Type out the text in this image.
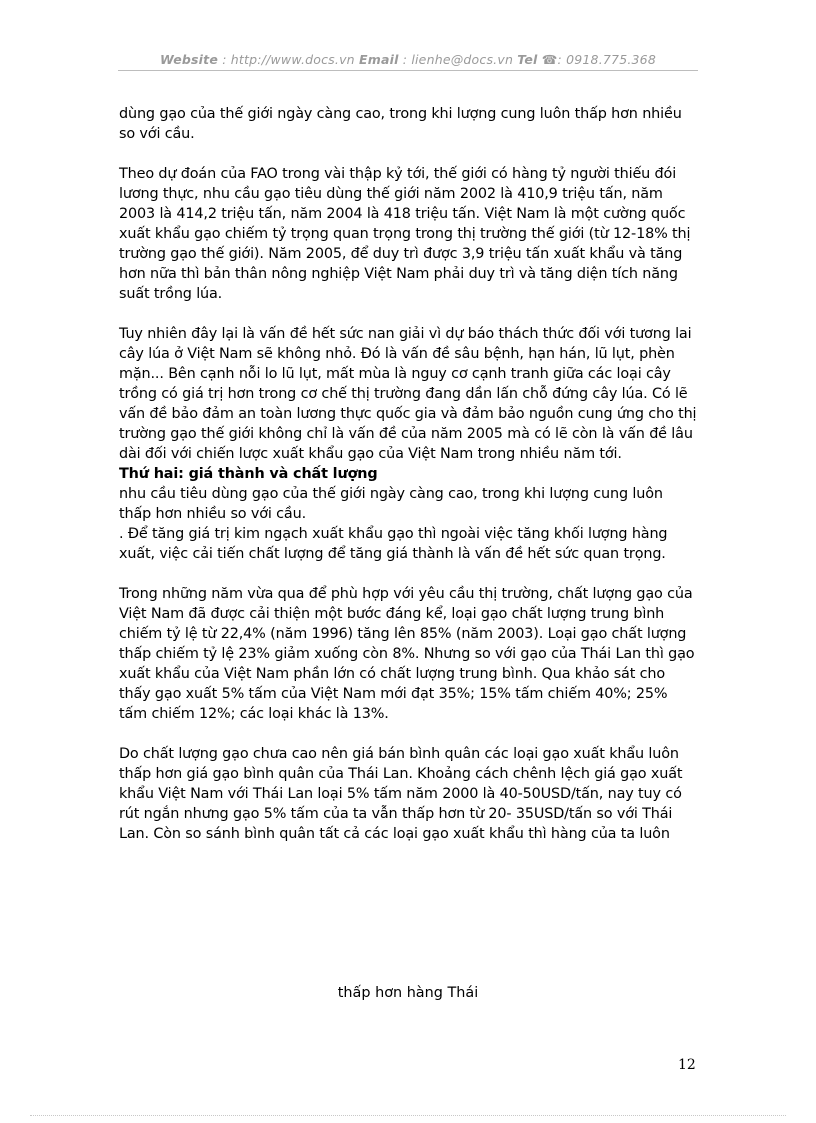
Website : http://www.docs.vn Email : lienhe@docs.vn Tel ☎: 0918.775.368

dùng gạo của thế giới ngày càng cao, trong khi lượng cung luôn thấp hơn nhiều so với cầu.

Theo dự đoán của FAO trong vài thập kỷ tới, thế giới có hàng tỷ người thiếu đói lương thực, nhu cầu gạo tiêu dùng thế giới năm 2002 là 410,9 triệu tấn, năm 2003 là 414,2 triệu tấn, năm 2004 là 418 triệu tấn. Việt Nam là một cường quốc xuất khẩu gạo chiếm tỷ trọng quan trọng trong thị trường thế giới (từ 12-18% thị trường gạo thế giới). Năm 2005, để duy trì được 3,9 triệu tấn xuất khẩu và tăng hơn nữa thì bản thân nông nghiệp Việt Nam phải duy trì và tăng diện tích năng suất trồng lúa.

Tuy nhiên đây lại là vấn đề hết sức nan giải vì dự báo thách thức đối với tương lai cây lúa ở Việt Nam sẽ không nhỏ. Đó là vấn đề sâu bệnh, hạn hán, lũ lụt, phèn mặn... Bên cạnh nỗi lo lũ lụt, mất mùa là nguy cơ cạnh tranh giữa các loại cây trồng có giá trị hơn trong cơ chế thị trường đang dần lấn chỗ đứng cây lúa. Có lẽ vấn đề bảo đảm an toàn lương thực quốc gia và đảm bảo nguồn cung ứng cho thị trường gạo thế giới không chỉ là vấn đề của năm 2005 mà có lẽ còn là vấn đề lâu dài đối với chiến lược xuất khẩu gạo của Việt Nam trong nhiều năm tới.

Thứ hai: giá thành và chất lượng

nhu cầu tiêu dùng gạo của thế giới ngày càng cao, trong khi lượng cung luôn thấp hơn nhiều so với cầu.

. Để tăng giá trị kim ngạch xuất khẩu gạo thì ngoài việc tăng khối lượng hàng xuất, việc cải tiến chất lượng để tăng giá thành là vấn đề hết sức quan trọng.

Trong những năm vừa qua để phù hợp với yêu cầu thị trường, chất lượng gạo của Việt Nam đã được cải thiện một bước đáng kể, loại gạo chất lượng trung bình chiếm tỷ lệ từ 22,4% (năm 1996) tăng lên 85% (năm 2003). Loại gạo chất lượng thấp chiếm tỷ lệ 23% giảm xuống còn 8%. Nhưng so với gạo của Thái Lan thì gạo xuất khẩu của Việt Nam phần lớn có chất lượng trung bình. Qua khảo sát cho thấy gạo xuất 5% tấm của Việt Nam mới đạt 35%; 15% tấm chiếm 40%; 25% tấm chiếm 12%; các loại khác là 13%.

Do chất lượng gạo chưa cao nên giá bán bình quân các loại gạo xuất khẩu luôn thấp hơn giá gạo bình quân của Thái Lan. Khoảng cách chênh lệch giá gạo xuất khẩu Việt Nam với Thái Lan loại 5% tấm năm 2000 là 40-50USD/tấn, nay tuy có rút ngắn nhưng gạo 5% tấm của ta vẫn thấp hơn từ 20- 35USD/tấn so với Thái Lan. Còn so sánh bình quân tất cả các loại gạo xuất khẩu thì hàng của ta luôn

thấp hơn hàng Thái
12
